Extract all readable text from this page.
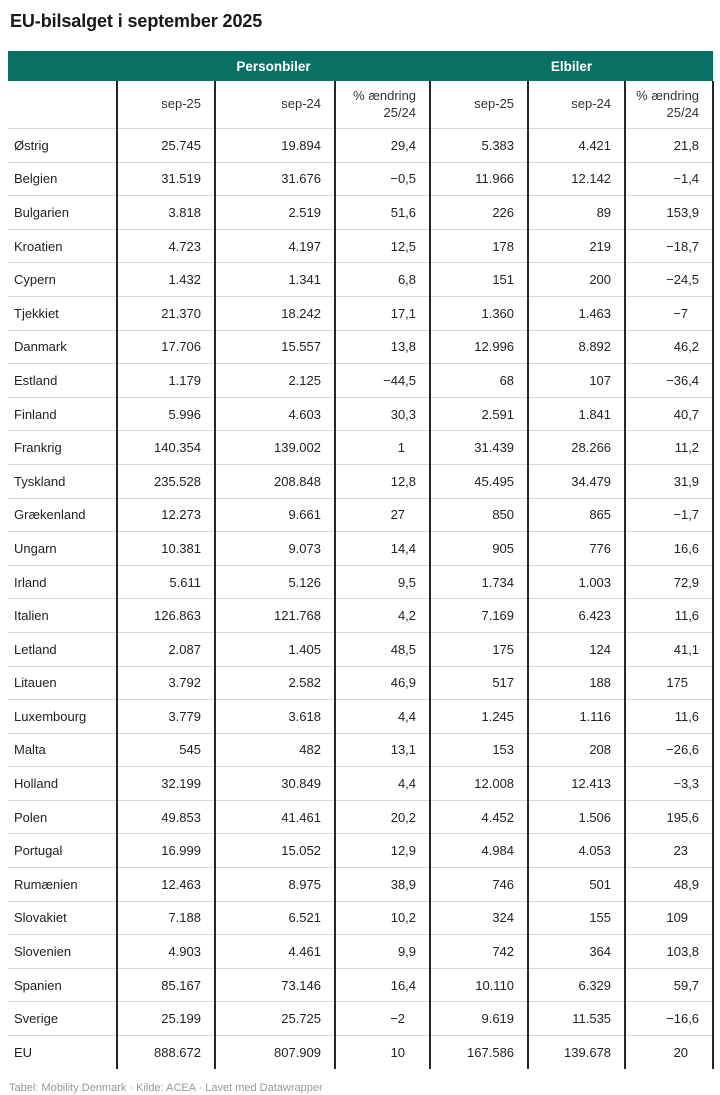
EU-bilsalget i september 2025
	Personbiler			Elbiler		
	sep-25	sep-24	% ændring 25/24	sep-25	sep-24	% ændring 25/24
Østrig	25.745	19.894	29,4	5.383	4.421	21,8
Belgien	31.519	31.676	−0,5	11.966	12.142	−1,4
Bulgarien	3.818	2.519	51,6	226	89	153,9
Kroatien	4.723	4.197	12,5	178	219	−18,7
Cypern	1.432	1.341	6,8	151	200	−24,5
Tjekkiet	21.370	18.242	17,1	1.360	1.463	−7
Danmark	17.706	15.557	13,8	12.996	8.892	46,2
Estland	1.179	2.125	−44,5	68	107	−36,4
Finland	5.996	4.603	30,3	2.591	1.841	40,7
Frankrig	140.354	139.002	1	31.439	28.266	11,2
Tyskland	235.528	208.848	12,8	45.495	34.479	31,9
Grækenland	12.273	9.661	27	850	865	−1,7
Ungarn	10.381	9.073	14,4	905	776	16,6
Irland	5.611	5.126	9,5	1.734	1.003	72,9
Italien	126.863	121.768	4,2	7.169	6.423	11,6
Letland	2.087	1.405	48,5	175	124	41,1
Litauen	3.792	2.582	46,9	517	188	175
Luxembourg	3.779	3.618	4,4	1.245	1.116	11,6
Malta	545	482	13,1	153	208	−26,6
Holland	32.199	30.849	4,4	12.008	12.413	−3,3
Polen	49.853	41.461	20,2	4.452	1.506	195,6
Portugal	16.999	15.052	12,9	4.984	4.053	23
Rumænien	12.463	8.975	38,9	746	501	48,9
Slovakiet	7.188	6.521	10,2	324	155	109
Slovenien	4.903	4.461	9,9	742	364	103,8
Spanien	85.167	73.146	16,4	10.110	6.329	59,7
Sverige	25.199	25.725	−2	9.619	11.535	−16,6
EU	888.672	807.909	10	167.586	139.678	20
Tabel: Mobility Denmark · Kilde: ACEA · Lavet med Datawrapper
